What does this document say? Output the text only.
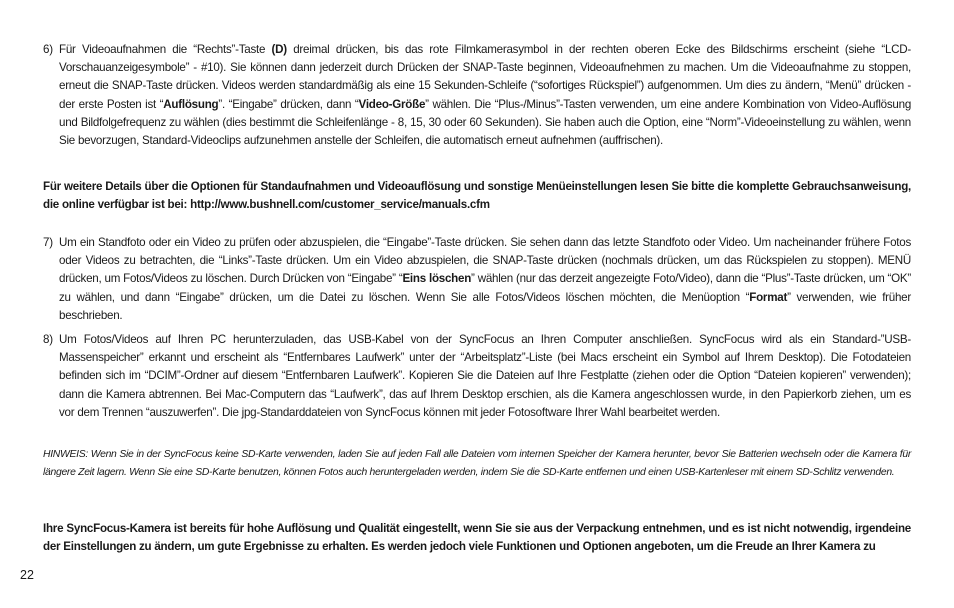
6) Für Videoaufnahmen die “Rechts”-Taste (D) dreimal drücken, bis das rote Filmkamerasymbol in der rechten oberen Ecke des Bildschirms erscheint (siehe “LCD-Vorschauanzeigesymbole” - #10). Sie können dann jederzeit durch Drücken der SNAP-Taste beginnen, Videoaufnehmen zu machen. Um die Videoaufnahme zu stoppen, erneut die SNAP-Taste drücken. Videos werden standardmäßig als eine 15 Sekunden-Schleife (“sofortiges Rückspiel”) aufgenommen. Um dies zu ändern, “Menü” drücken - der erste Posten ist “Auflösung”. “Eingabe” drücken, dann “Video-Größe” wählen. Die “Plus-/Minus”-Tasten verwenden, um eine andere Kombination von Video-Auflösung und Bildfolgefrequenz zu wählen (dies bestimmt die Schleifenlänge - 8, 15, 30 oder 60 Sekunden). Sie haben auch die Option, eine “Norm”-Videoeinstellung zu wählen, wenn Sie bevorzugen, Standard-Videoclips aufzunehmen anstelle der Schleifen, die automatisch erneut aufnehmen (auffrischen).
Für weitere Details über die Optionen für Standaufnahmen und Videoauflösung und sonstige Menüeinstellungen lesen Sie bitte die komplette Gebrauchsanweisung, die online verfügbar ist bei: http://www.bushnell.com/customer_service/manuals.cfm
7) Um ein Standfoto oder ein Video zu prüfen oder abzuspielen, die “Eingabe”-Taste drücken. Sie sehen dann das letzte Standfoto oder Video. Um nacheinander frühere Fotos oder Videos zu betrachten, die “Links”-Taste drücken. Um ein Video abzuspielen, die SNAP-Taste drücken (nochmals drücken, um das Rückspielen zu stoppen). MENÜ drücken, um Fotos/Videos zu löschen. Durch Drücken von “Eingabe” “Eins löschen” wählen (nur das derzeit angezeigte Foto/Video), dann die “Plus”-Taste drücken, um “OK” zu wählen, und dann “Eingabe” drücken, um die Datei zu löschen. Wenn Sie alle Fotos/Videos löschen möchten, die Menüoption “Format” verwenden, wie früher beschrieben.
8) Um Fotos/Videos auf Ihren PC herunterzuladen, das USB-Kabel von der SyncFocus an Ihren Computer anschließen. SyncFocus wird als ein Standard-”USB-Massenspeicher” erkannt und erscheint als “Entfernbares Laufwerk” unter der “Arbeitsplatz”-Liste (bei Macs erscheint ein Symbol auf Ihrem Desktop). Die Fotodateien befinden sich im “DCIM”-Ordner auf diesem “Entfernbaren Laufwerk”. Kopieren Sie die Dateien auf Ihre Festplatte (ziehen oder die Option “Dateien kopieren” verwenden); dann die Kamera abtrennen. Bei Mac-Computern das “Laufwerk”, das auf Ihrem Desktop erschien, als die Kamera angeschlossen wurde, in den Papierkorb ziehen, um es vor dem Trennen “auszuwerfen”. Die jpg-Standarddateien von SyncFocus können mit jeder Fotosoftware Ihrer Wahl bearbeitet werden.
HINWEIS: Wenn Sie in der SyncFocus keine SD-Karte verwenden, laden Sie auf jeden Fall alle Dateien vom internen Speicher der Kamera herunter, bevor Sie Batterien wechseln oder die Kamera für längere Zeit lagern. Wenn Sie eine SD-Karte benutzen, können Fotos auch heruntergeladen werden, indem Sie die SD-Karte entfernen und einen USB-Kartenleser mit einem SD-Schlitz verwenden.
Ihre SyncFocus-Kamera ist bereits für hohe Auflösung und Qualität eingestellt, wenn Sie sie aus der Verpackung entnehmen, und es ist nicht notwendig, irgendeine der Einstellungen zu ändern, um gute Ergebnisse zu erhalten. Es werden jedoch viele Funktionen und Optionen angeboten, um die Freude an Ihrer Kamera zu
22
